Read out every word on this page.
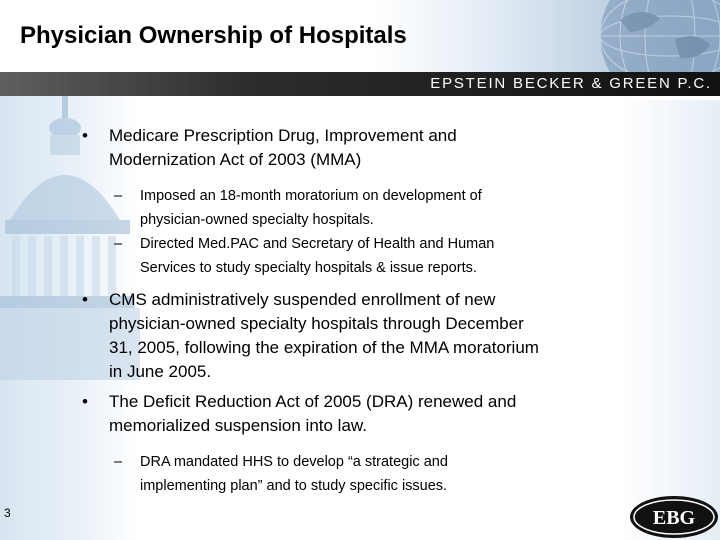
Physician Ownership of Hospitals
EPSTEIN BECKER & GREEN P.C.
• Medicare Prescription Drug, Improvement and
Modernization Act of 2003 (MMA)
– Imposed an 18-month moratorium on development of
physician-owned specialty hospitals.
– Directed Med.PAC and Secretary of Health and Human
Services to study specialty hospitals & issue reports.
• CMS administratively suspended enrollment of new
physician-owned specialty hospitals through December
31, 2005, following the expiration of the MMA moratorium
in June 2005.
• The Deficit Reduction Act of 2005 (DRA) renewed and
memorialized suspension into law.
– DRA mandated HHS to develop “a strategic and
implementing plan” and to study specific issues.
3	EBG
